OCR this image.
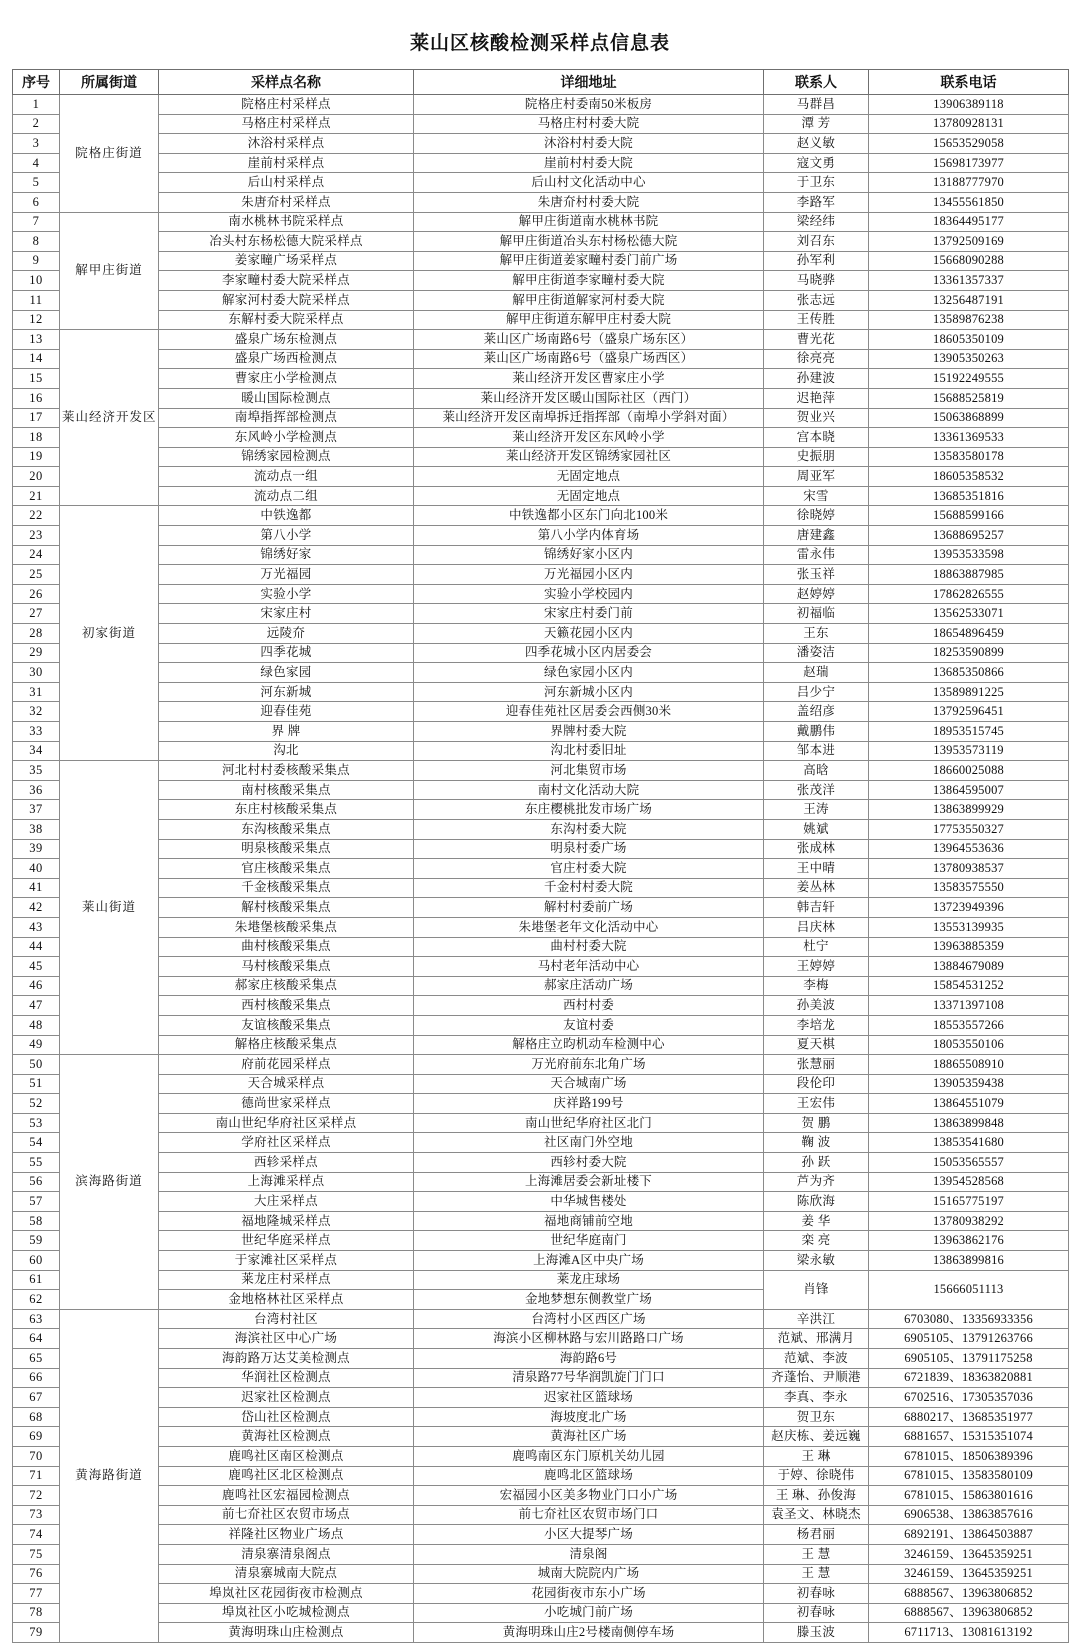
莱山区核酸检测采样点信息表
序号	所属街道	采样点名称	详细地址	联系人	联系电话
1	院格庄街道	院格庄村采样点	院格庄村委南50米板房	马群昌	13906389118
2		马格庄村采样点	马格庄村村委大院	潭 芳	13780928131
3		沐浴村采样点	沐浴村村委大院	赵义敏	15653529058
4		崖前村采样点	崖前村村委大院	寇文勇	15698173977
5		后山村采样点	后山村文化活动中心	于卫东	13188777970
6		朱唐夼村采样点	朱唐夼村村委大院	李路军	13455561850
7	解甲庄街道	南水桃林书院采样点	解甲庄街道南水桃林书院	梁经纬	18364495177
8		冶头村东杨松德大院采样点	解甲庄街道冶头东村杨松德大院	刘召东	13792509169
9		姜家疃广场采样点	解甲庄街道姜家疃村委门前广场	孙军利	15668090288
10		李家疃村委大院采样点	解甲庄街道李家疃村委大院	马晓骅	13361357337
11		解家河村委大院采样点	解甲庄街道解家河村委大院	张志远	13256487191
12		东解村委大院采样点	解甲庄街道东解甲庄村委大院	王传胜	13589876238
13	莱山经济开发区	盛泉广场东检测点	莱山区广场南路6号（盛泉广场东区）	曹光花	18605350109
14		盛泉广场西检测点	莱山区广场南路6号（盛泉广场西区）	徐亮亮	13905350263
15		曹家庄小学检测点	莱山经济开发区曹家庄小学	孙建波	15192249555
16		暖山国际检测点	莱山经济开发区暖山国际社区（西门）	迟艳萍	15688525819
17		南埠指挥部检测点	莱山经济开发区南埠拆迁指挥部（南埠小学斜对面）	贺业兴	15063868899
18		东风岭小学检测点	莱山经济开发区东风岭小学	宫本晓	13361369533
19		锦绣家园检测点	莱山经济开发区锦绣家园社区	史振朋	13583580178
20		流动点一组	无固定地点	周亚军	18605358532
21		流动点二组	无固定地点	宋雪	13685351816
22	初家街道	中铁逸都	中铁逸都小区东门向北100米	徐晓婷	15688599166
23		第八小学	第八小学内体育场	唐建鑫	13688695257
24		锦绣好家	锦绣好家小区内	雷永伟	13953533598
25		万光福园	万光福园小区内	张玉祥	18863887985
26		实验小学	实验小学校园内	赵婷婷	17862826555
27		宋家庄村	宋家庄村委门前	初福临	13562533071
28		远陵夼	天籁花园小区内	王东	18654896459
29		四季花城	四季花城小区内居委会	潘姿洁	18253590899
30		绿色家园	绿色家园小区内	赵瑞	13685350866
31		河东新城	河东新城小区内	吕少宁	13589891225
32		迎春佳苑	迎春佳苑社区居委会西侧30米	盖绍彦	13792596451
33		界 牌	界牌村委大院	戴鹏伟	18953515745
34		沟北	沟北村委旧址	邹本进	13953573119
35	莱山街道	河北村村委核酸采集点	河北集贸市场	高晗	18660025088
36		南村核酸采集点	南村文化活动大院	张茂洋	13864595007
37		东庄村核酸采集点	东庄樱桃批发市场广场	王涛	13863899929
38		东沟核酸采集点	东沟村委大院	姚斌	17753550327
39		明泉核酸采集点	明泉村委广场	张成林	13964553636
40		官庄核酸采集点	官庄村委大院	王中晴	13780938537
41		千金核酸采集点	千金村村委大院	姜丛林	13583575550
42		解村核酸采集点	解村村委前广场	韩吉轩	13723949396
43		朱塂堡核酸采集点	朱塂堡老年文化活动中心	吕庆林	13553139935
44		曲村核酸采集点	曲村村委大院	杜宁	13963885359
45		马村核酸采集点	马村老年活动中心	王婷婷	13884679089
46		郝家庄核酸采集点	郝家庄活动广场	李梅	15854531252
47		西村核酸采集点	西村村委	孙美波	13371397108
48		友谊核酸采集点	友谊村委	李培龙	18553557266
49		解格庄核酸采集点	解格庄立昀机动车检测中心	夏天棋	18053550106
50	滨海路街道	府前花园采样点	万光府前东北角广场	张慧丽	18865508910
51		天合城采样点	天合城南广场	段伦印	13905359438
52		德尚世家采样点	庆祥路199号	王宏伟	13864551079
53		南山世纪华府社区采样点	南山世纪华府社区北门	贺 鹏	13863899848
54		学府社区采样点	社区南门外空地	鞠 波	13853541680
55		西轸采样点	西轸村委大院	孙 跃	15053565557
56		上海滩采样点	上海滩居委会新址楼下	芦为齐	13954528568
57		大庄采样点	中华城售楼处	陈欣海	15165775197
58		福地隆城采样点	福地商铺前空地	姜 华	13780938292
59		世纪华庭采样点	世纪华庭南门	栾 亮	13963862176
60		于家滩社区采样点	上海滩A区中央广场	梁永敏	13863899816
61		莱龙庄村采样点	莱龙庄球场	肖锋	15666051113
62		金地格林社区采样点	金地梦想东侧教堂广场		
63	黄海路街道	台湾村社区	台湾村小区西区广场	辛洪江	6703080、13356933356
64		海滨社区中心广场	海滨小区柳林路与宏川路路口广场	范斌、邢满月	6905105、13791263766
65		海韵路万达艾美检测点	海韵路6号	范斌、李波	6905105、13791175258
66		华润社区检测点	清泉路77号华润凯旋门门口	齐蓬怡、尹顺港	6721839、18363820881
67		迟家社区检测点	迟家社区篮球场	李真、李永	6702516、17305357036
68		岱山社区检测点	海坡度北广场	贺卫东	6880217、13685351977
69		黄海社区检测点	黄海社区广场	赵庆栋、姜远巍	6881657、15315351074
70		鹿鸣社区南区检测点	鹿鸣南区东门原机关幼儿园	王 琳	6781015、18506389396
71		鹿鸣社区北区检测点	鹿鸣北区篮球场	于婷、徐晓伟	6781015、13583580109
72		鹿鸣社区宏福园检测点	宏福园小区美多物业门口小广场	王 琳、孙俊海	6781015、15863801616
73		前七夼社区农贸市场点	前七夼社区农贸市场门口	袁圣文、林晓杰	6906538、13863857616
74		祥隆社区物业广场点	小区大提琴广场	杨君丽	6892191、13864503887
75		清泉寨清泉阁点	清泉阁	王 慧	3246159、13645359251
76		清泉寨城南大院点	城南大院院内广场	王 慧	3246159、13645359251
77		埠岚社区花园街夜市检测点	花园街夜市东小广场	初春咏	6888567、13963806852
78		埠岚社区小吃城检测点	小吃城门前广场	初春咏	6888567、13963806852
79		黄海明珠山庄检测点	黄海明珠山庄2号楼南侧停车场	滕玉波	6711713、13081613192
